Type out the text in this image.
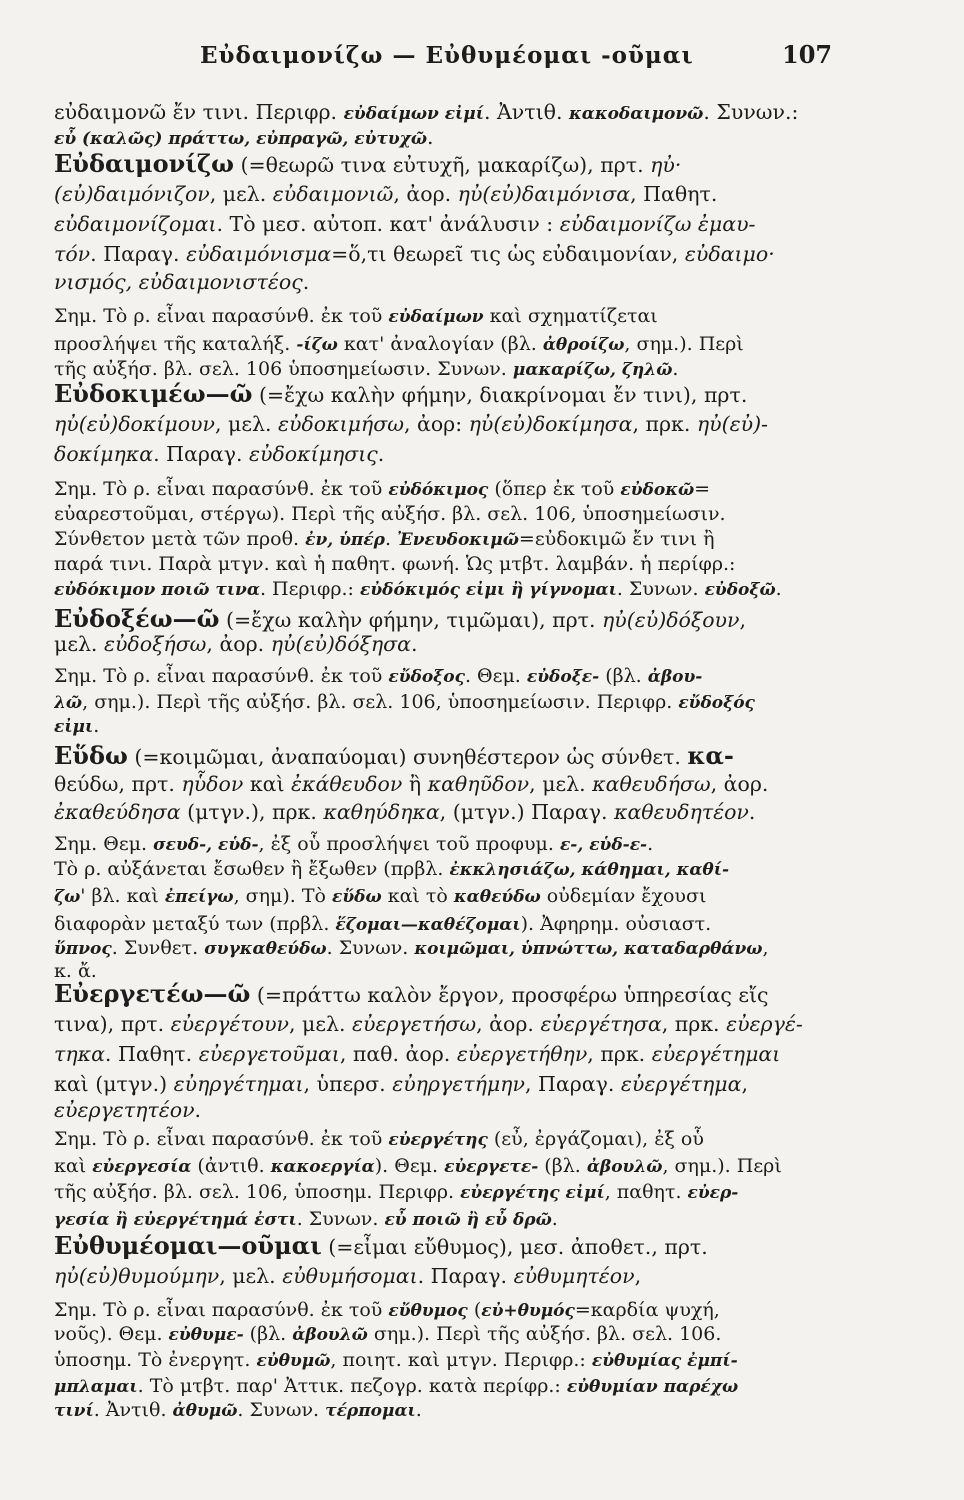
Εὐδαιμονίζω — Εὐθυμέομαι -οῦμαι	107
εὐδαιμονῶ ἔν τινι. Περιφρ. εὐδαίμων εἰμί. Ἀντιθ. κακοδαιμονῶ. Συνων.:
εὖ (καλῶς) πράττω, εὐπραγῶ, εὐτυχῶ.
Εὐδαιμονίζω (=θεωρῶ τινα εὐτυχῆ, μακαρίζω), πρτ. ηὐ·
(εὐ)δαιμόνιζον, μελ. εὐδαιμονιῶ, ἀορ. ηὐ(εὐ)δαιμόνισα, Παθητ.
εὐδαιμονίζομαι. Τὸ μεσ. αὐτοπ. κατ' ἀνάλυσιν : εὐδαιμονίζω ἐμαυ-
τόν. Παραγ. εὐδαιμόνισμα=ὅ,τι θεωρεῖ τις ὡς εὐδαιμονίαν, εὐδαιμο·
νισμός, εὐδαιμονιστέος.
Σημ. Τὸ ρ. εἶναι παρασύνθ. ἐκ τοῦ εὐδαίμων καὶ σχηματίζεται
προσλήψει τῆς καταλήξ. -ίζω κατ' ἀναλογίαν (βλ. ἀθροίζω, σημ.). Περὶ
τῆς αὐξήσ. βλ. σελ. 106 ὑποσημείωσιν. Συνων. μακαρίζω, ζηλῶ.
Εὐδοκιμέω—ῶ (=ἔχω καλὴν φήμην, διακρίνομαι ἔν τινι), πρτ.
ηὐ(εὐ)δοκίμουν, μελ. εὐδοκιμήσω, ἀορ: ηὐ(εὐ)δοκίμησα, πρκ. ηὐ(εὐ)-
δοκίμηκα. Παραγ. εὐδοκίμησις.
Σημ. Τὸ ρ. εἶναι παρασύνθ. ἐκ τοῦ εὐδόκιμος (ὅπερ ἐκ τοῦ εὐδοκῶ=
εὐαρεστοῦμαι, στέργω). Περὶ τῆς αὐξήσ. βλ. σελ. 106, ὑποσημείωσιν.
Σύνθετον μετὰ τῶν προθ. ἐν, ὑπέρ. Ἐνευδοκιμῶ=εὐδοκιμῶ ἔν τινι ἢ
παρά τινι. Παρὰ μτγν. καὶ ἡ παθητ. φωνή. Ὡς μτβτ. λαμβάν. ἡ περίφρ.:
εὐδόκιμον ποιῶ τινα. Περιφρ.: εὐδόκιμός εἰμι ἢ γίγνομαι. Συνων. εὐδοξῶ.
Εὐδοξέω—ῶ (=ἔχω καλὴν φήμην, τιμῶμαι), πρτ. ηὐ(εὐ)δόξουν,
μελ. εὐδοξήσω, ἀορ. ηὐ(εὐ)δόξησα.
Σημ. Τὸ ρ. εἶναι παρασύνθ. ἐκ τοῦ εὔδοξος. Θεμ. εὐδοξε- (βλ. ἀβου-
λῶ, σημ.). Περὶ τῆς αὐξήσ. βλ. σελ. 106, ὑποσημείωσιν. Περιφρ. εὔδοξός
εἰμι.
Εὕδω (=κοιμῶμαι, ἀναπαύομαι) συνηθέστερον ὡς σύνθετ. κα-
θεύδω, πρτ. ηὗδον καὶ ἐκάθευδον ἢ καθηῦδον, μελ. καθευδήσω, ἀορ.
ἐκαθεύδησα (μτγν.), πρκ. καθηύδηκα, (μτγν.) Παραγ. καθευδητέον.
Σημ. Θεμ. σευδ-, εὑδ-, ἐξ οὗ προσλήψει τοῦ προφυμ. ε-, εὑδ-ε-.
Τὸ ρ. αὐξάνεται ἔσωθεν ἢ ἔξωθεν (πρβλ. ἐκκλησιάζω, κάθημαι, καθί-
ζω' βλ. καὶ ἐπείγω, σημ). Τὸ εὕδω καὶ τὸ καθεύδω οὐδεμίαν ἔχουσι
διαφορὰν μεταξύ των (πρβλ. ἕζομαι—καθέζομαι). Ἀφηρημ. οὐσιαστ.
ὕπνος. Συνθετ. συγκαθεύδω. Συνων. κοιμῶμαι, ὑπνώττω, καταδαρθάνω,
κ. ἄ.
Εὐεργετέω—ῶ (=πράττω καλὸν ἔργον, προσφέρω ὑπηρεσίας εἴς
τινα), πρτ. εὐεργέτουν, μελ. εὐεργετήσω, ἀορ. εὐεργέτησα, πρκ. εὐεργέ-
τηκα. Παθητ. εὐεργετοῦμαι, παθ. ἀορ. εὐεργετήθην, πρκ. εὐεργέτημαι
καὶ (μτγν.) εὐηργέτημαι, ὑπερσ. εὐηργετήμην, Παραγ. εὐεργέτημα,
εὐεργετητέον.
Σημ. Τὸ ρ. εἶναι παρασύνθ. ἐκ τοῦ εὐεργέτης (εὖ, ἐργάζομαι), ἐξ οὗ
καὶ εὐεργεσία (ἀντιθ. κακοεργία). Θεμ. εὐεργετε- (βλ. ἀβουλῶ, σημ.). Περὶ
τῆς αὐξήσ. βλ. σελ. 106, ὑποσημ. Περιφρ. εὐεργέτης εἰμί, παθητ. εὐερ-
γεσία ἢ εὐεργέτημά ἐστι. Συνων. εὖ ποιῶ ἢ εὖ δρῶ.
Εὐθυμέομαι—οῦμαι (=εἶμαι εὔθυμος), μεσ. ἀποθετ., πρτ.
ηὐ(εὐ)θυμούμην, μελ. εὐθυμήσομαι. Παραγ. εὐθυμητέον,
Σημ. Τὸ ρ. εἶναι παρασύνθ. ἐκ τοῦ εὔθυμος (εὐ+θυμός=καρδία ψυχή,
νοῦς). Θεμ. εὐθυμε- (βλ. ἀβουλῶ σημ.). Περὶ τῆς αὐξήσ. βλ. σελ. 106.
ὑποσημ. Τὸ ἐνεργητ. εὐθυμῶ, ποιητ. καὶ μτγν. Περιφρ.: εὐθυμίας ἐμπί-
μπλαμαι. Τὸ μτβτ. παρ' Ἀττικ. πεζογρ. κατὰ περίφρ.: εὐθυμίαν παρέχω
τινί. Ἀντιθ. ἀθυμῶ. Συνων. τέρπομαι.
